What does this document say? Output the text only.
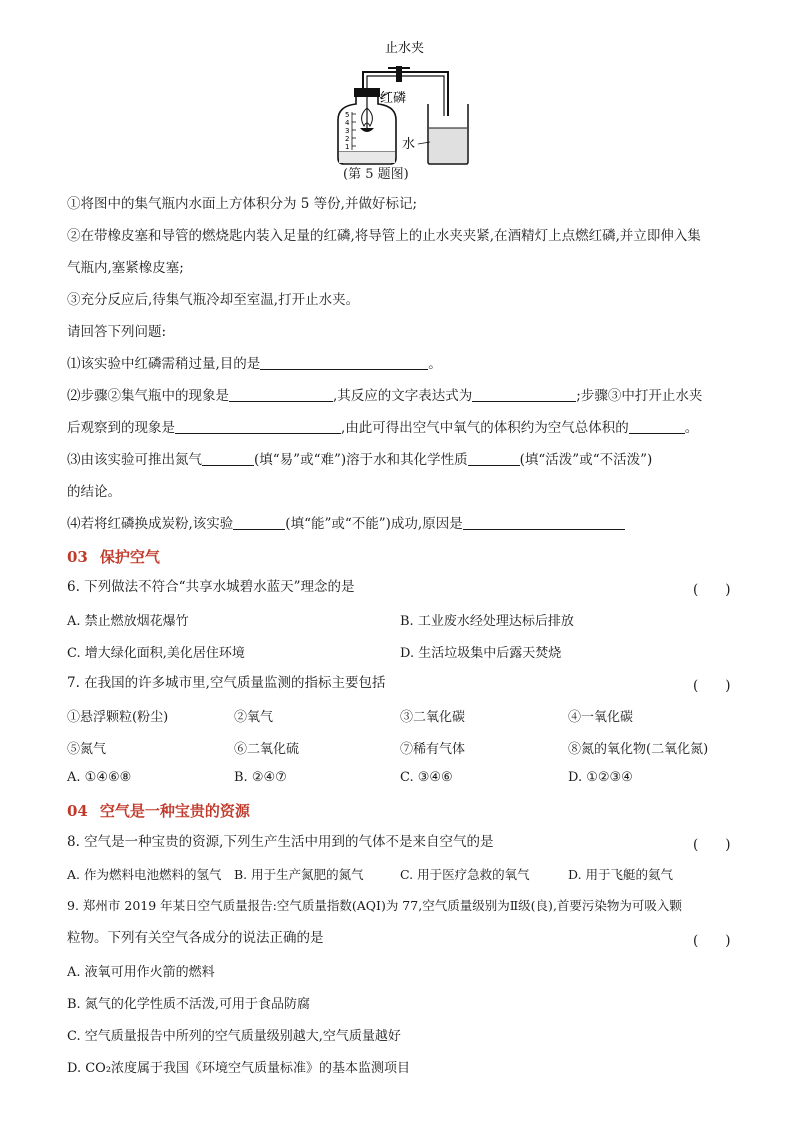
5
4
3
2
1
止水夹
红磷
水
(第 5 题图)
①将图中的集气瓶内水面上方体积分为 5 等份,并做好标记;
②在带橡皮塞和导管的燃烧匙内装入足量的红磷,将导管上的止水夹夹紧,在酒精灯上点燃红磷,并立即伸入集
气瓶内,塞紧橡皮塞;
③充分反应后,待集气瓶冷却至室温,打开止水夹。
请回答下列问题:
⑴该实验中红磷需稍过量,目的是	。
⑵步骤②集气瓶中的现象是	,其反应的文字表达式为	;步骤③中打开止水夹
后观察到的现象是	,由此可得出空气中氧气的体积约为空气总体积的	。
⑶由该实验可推出氮气	(填“易”或“难”)溶于水和其化学性质	(填“活泼”或“不活泼”)
的结论。
⑷若将红磷换成炭粉,该实验	(填“能”或“不能”)成功,原因是
03 保护空气
6. 下列做法不符合“共享水城碧水蓝天”理念的是	(　　)
A. 禁止燃放烟花爆竹	B. 工业废水经处理达标后排放
C. 增大绿化面积,美化居住环境	D. 生活垃圾集中后露天焚烧
7. 在我国的许多城市里,空气质量监测的指标主要包括	(　　)
①悬浮颗粒(粉尘)	②氧气	③二氧化碳	④一氧化碳
⑤氮气	⑥二氧化硫	⑦稀有气体	⑧氮的氧化物(二氧化氮)
A. ①④⑥⑧	B. ②④⑦	C. ③④⑥	D. ①②③④
04 空气是一种宝贵的资源
8. 空气是一种宝贵的资源,下列生产生活中用到的气体不是来自空气的是	(　　)
A. 作为燃料电池燃料的氢气 B. 用于生产氮肥的氮气	C. 用于医疗急救的氧气	D. 用于飞艇的氦气
9. 郑州市 2019 年某日空气质量报告:空气质量指数(AQI)为 77,空气质量级别为Ⅱ级(良),首要污染物为可吸入颗
粒物。下列有关空气各成分的说法正确的是	(　　)
A. 液氧可用作火箭的燃料
B. 氮气的化学性质不活泼,可用于食品防腐
C. 空气质量报告中所列的空气质量级别越大,空气质量越好
D. CO₂浓度属于我国《环境空气质量标准》的基本监测项目
